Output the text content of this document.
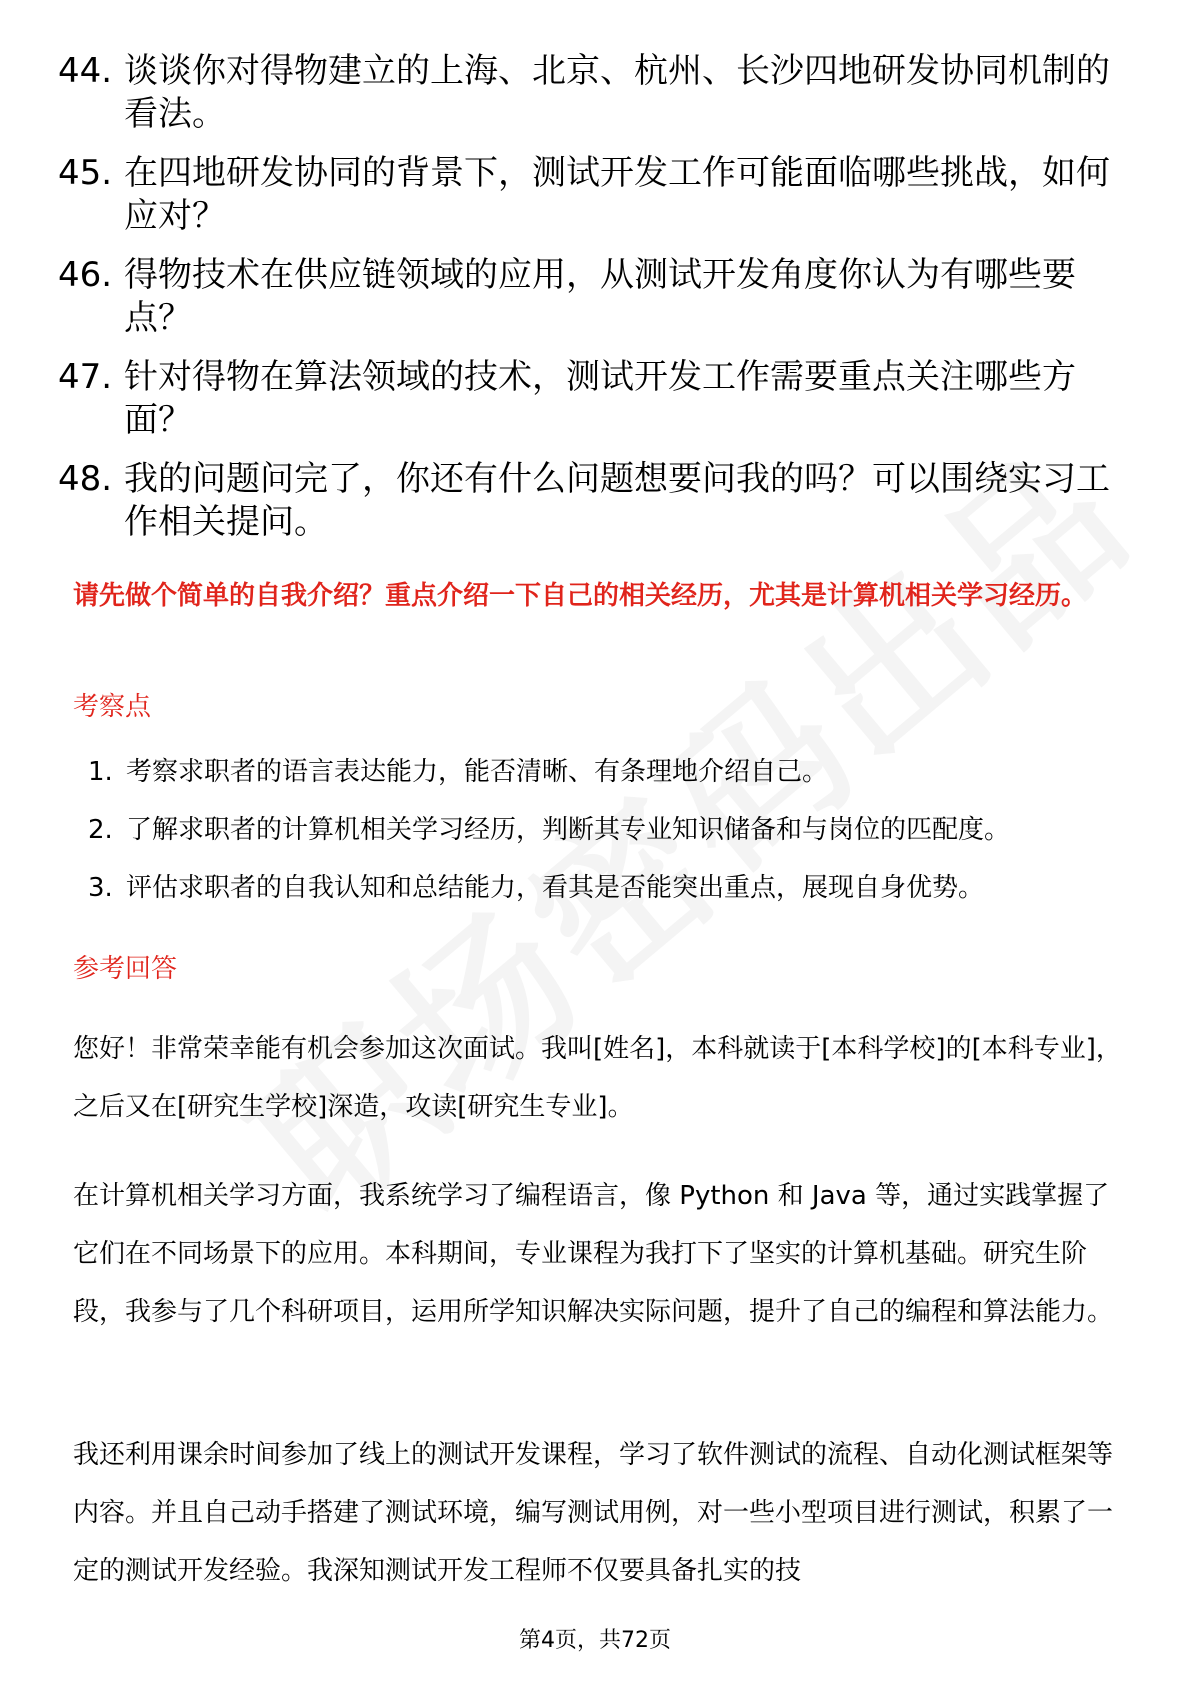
44. 谈谈你对得物建立的上海、北京、杭州、长沙四地研发协同机制的看法。
45. 在四地研发协同的背景下，测试开发工作可能面临哪些挑战，如何应对？
46. 得物技术在供应链领域的应用，从测试开发角度你认为有哪些要点？
47. 针对得物在算法领域的技术，测试开发工作需要重点关注哪些方面？
48. 我的问题问完了，你还有什么问题想要问我的吗？可以围绕实习工作相关提问。

请先做个简单的自我介绍？重点介绍一下自己的相关经历，尤其是计算机相关学习经历。

考察点

1. 考察求职者的语言表达能力，能否清晰、有条理地介绍自己。
2. 了解求职者的计算机相关学习经历，判断其专业知识储备和与岗位的匹配度。
3. 评估求职者的自我认知和总结能力，看其是否能突出重点，展现自身优势。

参考回答

您好！非常荣幸能有机会参加这次面试。我叫[姓名]，本科就读于[本科学校]的[本科专业]，之后又在[研究生学校]深造，攻读[研究生专业]。

在计算机相关学习方面，我系统学习了编程语言，像 Python 和 Java 等，通过实践掌握了它们在不同场景下的应用。本科期间，专业课程为我打下了坚实的计算机基础。研究生阶段，我参与了几个科研项目，运用所学知识解决实际问题，提升了自己的编程和算法能力。

我还利用课余时间参加了线上的测试开发课程，学习了软件测试的流程、自动化测试框架等内容。并且自己动手搭建了测试环境，编写测试用例，对一些小型项目进行测试，积累了一定的测试开发经验。我深知测试开发工程师不仅要具备扎实的技

第4页，共72页
